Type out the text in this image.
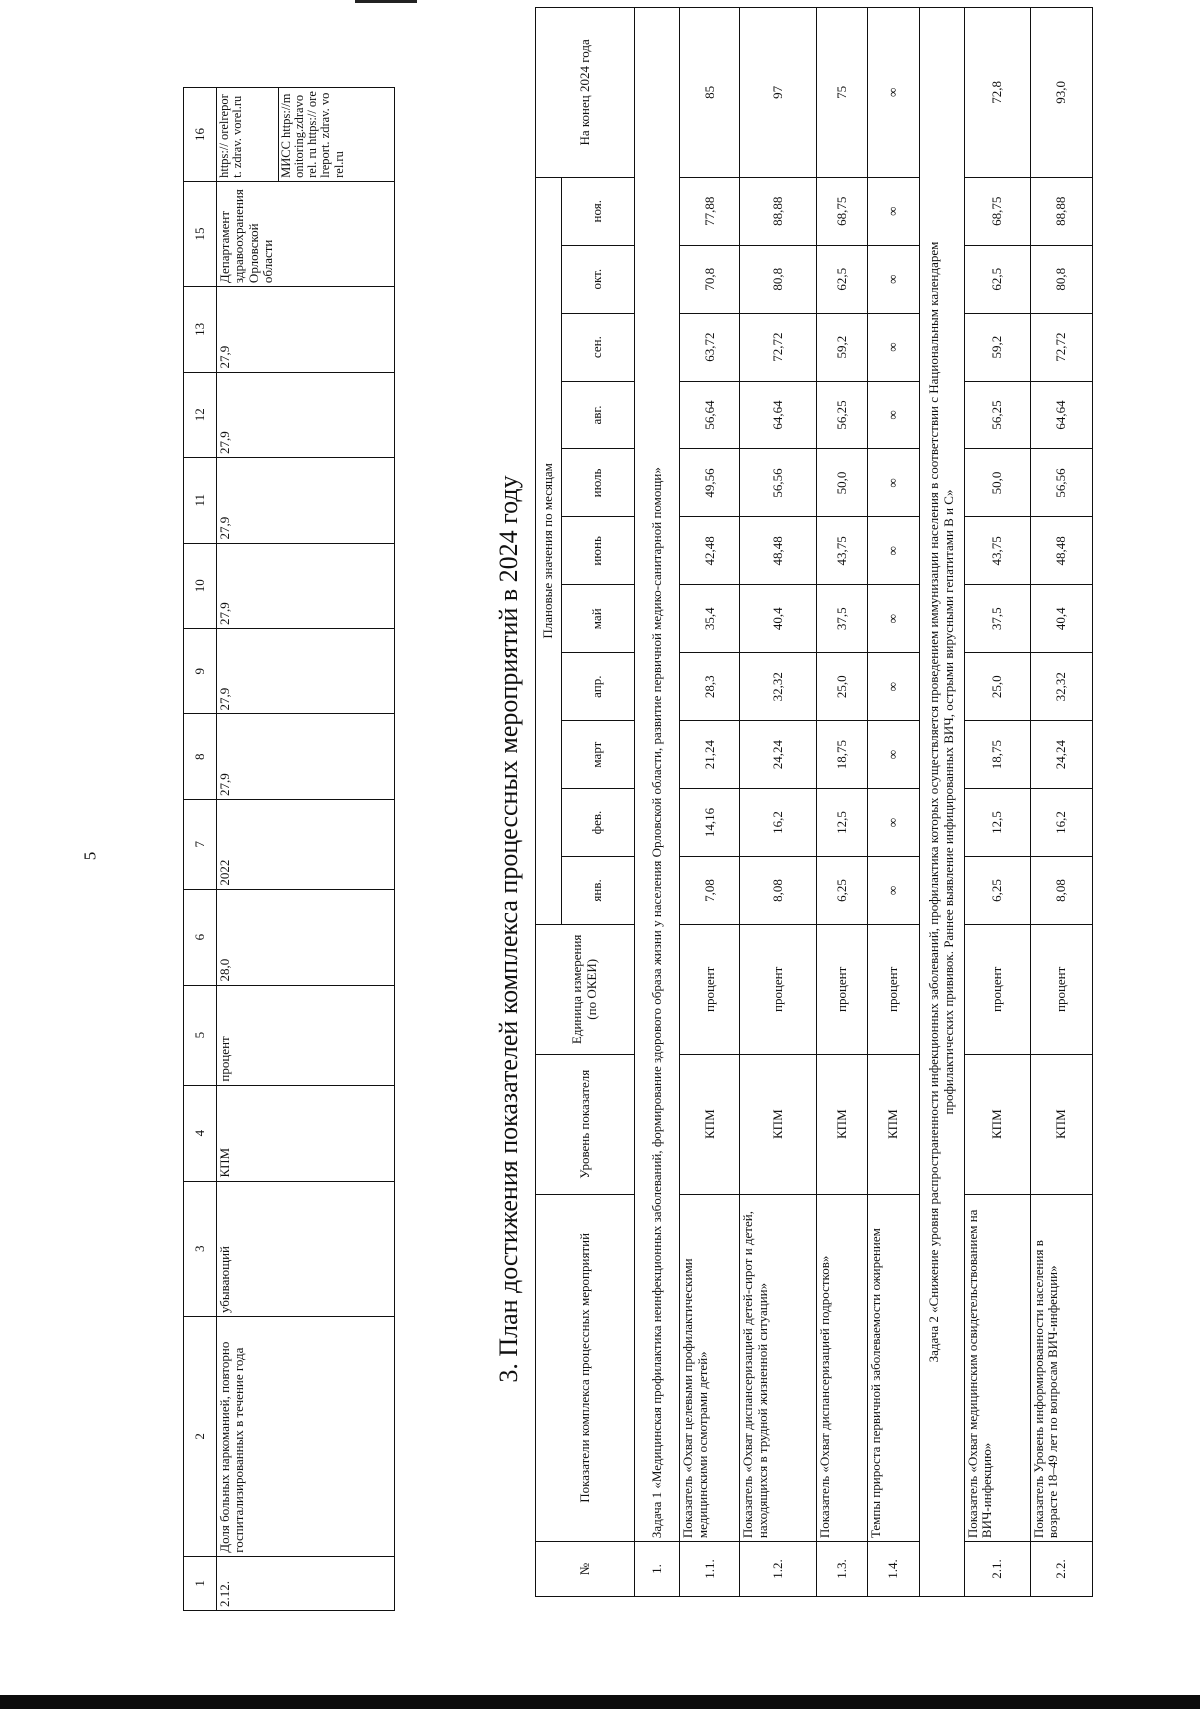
5
1	2	3	4	5	6	7	8	9	10	11	12	13	15	16
2.12.	Доля больных наркоманией, повторно госпитализированных в течение года	убывающий	КПМ	процент	28,0	2022	27,9	27,9	27,9	27,9	27,9	27,9	Департамент здравоохранения Орловской области	https:// orelreport. zdrav. vorel.ru
														МИСС https://monitoring.zdravorel. ru https:// orelreport. zdrav. vorel.ru
3. План достижения показателей комплекса процессных мероприятий в 2024 году
№	Показатели комплекса процессных мероприятий	Уровень показателя	Единица измерения (по ОКЕИ)	Плановые значения по месяцам											На конец 2024 года
				янв.	фев.	март	апр.	май	июнь	июль	авг.	сен.	окт.	ноя.	
1.	Задача 1 «Медицинская профилактика неинфекционных заболеваний, формирование здорового образа жизни у населения Орловской области, развитие первичной медико-санитарной помощи»														
1.1.	Показатель «Охват целевыми профилактическими медицинскими осмотрами детей»	КПМ	процент	7,08	14,16	21,24	28,3	35,4	42,48	49,56	56,64	63,72	70,8	77,88	85
1.2.	Показатель «Охват диспансеризацией детей-сирот и детей, находящихся в трудной жизненной ситуации»	КПМ	процент	8,08	16,2	24,24	32,32	40,4	48,48	56,56	64,64	72,72	80,8	88,88	97
1.3.	Показатель «Охват диспансеризацией подростков»	КПМ	процент	6,25	12,5	18,75	25,0	37,5	43,75	50,0	56,25	59,2	62,5	68,75	75
1.4.	Темпы прироста первичной заболеваемости ожирением	КПМ	процент	∞	∞	∞	∞	∞	∞	∞	∞	∞	∞	∞	∞

Задача 2 «Снижение уровня распространенности инфекционных заболеваний, профилактика которых осуществляется проведением иммунизации населения в соответствии с Национальным календарем профилактических прививок. Раннее выявление инфицированных ВИЧ, острыми вирусными гепатитами В и С»															

2.1.	Показатель «Охват медицинским освидетельствованием на ВИЧ-инфекцию»	КПМ	процент	6,25	12,5	18,75	25,0	37,5	43,75	50,0	56,25	59,2	62,5	68,75	72,8
2.2.	Показатель Уровень информированности населения в возрасте 18–49 лет по вопросам ВИЧ-инфекции»	КПМ	процент	8,08	16,2	24,24	32,32	40,4	48,48	56,56	64,64	72,72	80,8	88,88	93,0
